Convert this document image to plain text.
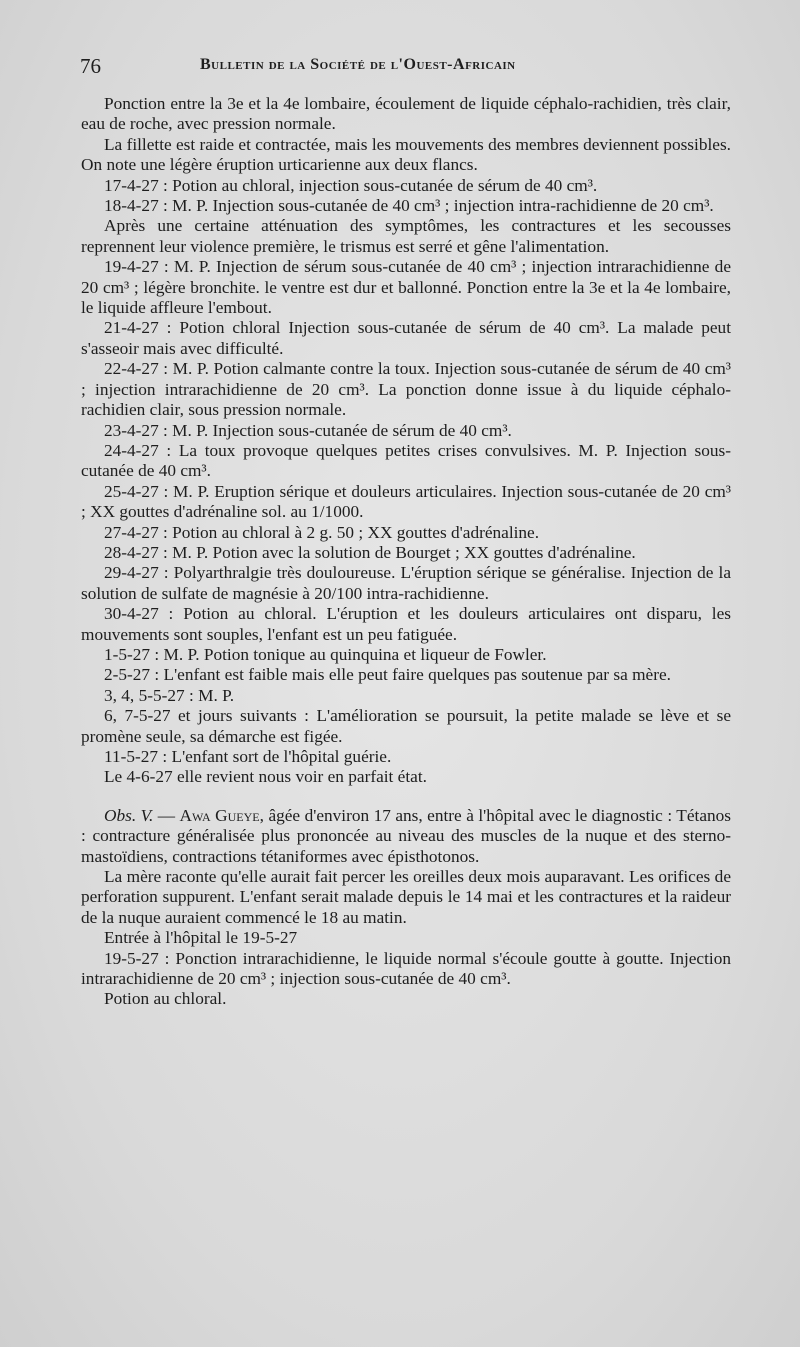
76	Bulletin de la Société de l'Ouest-Africain

Ponction entre la 3e et la 4e lombaire, écoulement de liquide céphalo-rachidien, très clair, eau de roche, avec pression normale.

La fillette est raide et contractée, mais les mouvements des membres deviennent possibles. On note une légère éruption urticarienne aux deux flancs.

17-4-27 : Potion au chloral, injection sous-cutanée de sérum de 40 cm³.

18-4-27 : M. P. Injection sous-cutanée de 40 cm³ ; injection intra-rachidienne de 20 cm³.

Après une certaine atténuation des symptômes, les contractures et les secousses reprennent leur violence première, le trismus est serré et gêne l'alimentation.

19-4-27 : M. P. Injection de sérum sous-cutanée de 40 cm³ ; injection intrarachidienne de 20 cm³ ; légère bronchite. le ventre est dur et ballonné. Ponction entre la 3e et la 4e lombaire, le liquide affleure l'embout.

21-4-27 : Potion chloral Injection sous-cutanée de sérum de 40 cm³. La malade peut s'asseoir mais avec difficulté.

22-4-27 : M. P. Potion calmante contre la toux. Injection sous-cutanée de sérum de 40 cm³ ; injection intrarachidienne de 20 cm³. La ponction donne issue à du liquide céphalo-rachidien clair, sous pression normale.

23-4-27 : M. P. Injection sous-cutanée de sérum de 40 cm³.

24-4-27 : La toux provoque quelques petites crises convulsives. M. P. Injection sous-cutanée de 40 cm³.

25-4-27 : M. P. Eruption sérique et douleurs articulaires. Injection sous-cutanée de 20 cm³ ; XX gouttes d'adrénaline sol. au 1/1000.

27-4-27 : Potion au chloral à 2 g. 50 ; XX gouttes d'adrénaline.

28-4-27 : M. P. Potion avec la solution de Bourget ; XX gouttes d'adrénaline.

29-4-27 : Polyarthralgie très douloureuse. L'éruption sérique se généralise. Injection de la solution de sulfate de magnésie à 20/100 intra-rachidienne.

30-4-27 : Potion au chloral. L'éruption et les douleurs articulaires ont disparu, les mouvements sont souples, l'enfant est un peu fatiguée.

1-5-27 : M. P. Potion tonique au quinquina et liqueur de Fowler.

2-5-27 : L'enfant est faible mais elle peut faire quelques pas soutenue par sa mère.

3, 4, 5-5-27 : M. P.

6, 7-5-27 et jours suivants : L'amélioration se poursuit, la petite malade se lève et se promène seule, sa démarche est figée.

11-5-27 : L'enfant sort de l'hôpital guérie.

Le 4-6-27 elle revient nous voir en parfait état.

Obs. V. — Awa Gueye, âgée d'environ 17 ans, entre à l'hôpital avec le diagnostic : Tétanos : contracture généralisée plus prononcée au niveau des muscles de la nuque et des sterno-mastoïdiens, contractions tétaniformes avec épisthotonos.

La mère raconte qu'elle aurait fait percer les oreilles deux mois auparavant. Les orifices de perforation suppurent. L'enfant serait malade depuis le 14 mai et les contractures et la raideur de la nuque auraient commencé le 18 au matin.

Entrée à l'hôpital le 19-5-27

19-5-27 : Ponction intrarachidienne, le liquide normal s'écoule goutte à goutte. Injection intrarachidienne de 20 cm³ ; injection sous-cutanée de 40 cm³.

Potion au chloral.
